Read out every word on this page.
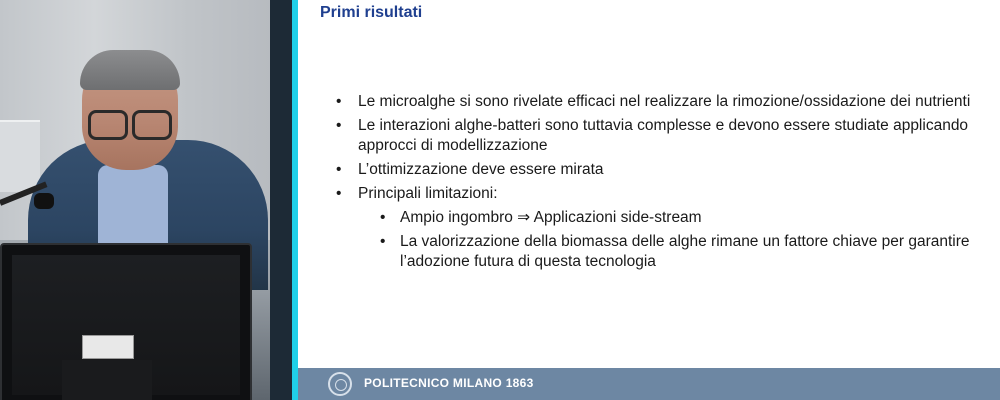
Primi risultati
• Le microalghe si sono rivelate efficaci nel realizzare la rimozione/ossidazione dei nutrienti
• Le interazioni alghe-batteri sono tuttavia complesse e devono essere studiate applicando approcci di modellizzazione
• L’ottimizzazione deve essere mirata
• Principali limitazioni:
• Ampio ingombro ⇒ Applicazioni side-stream
• La valorizzazione della biomassa delle alghe rimane un fattore chiave per garantire l’adozione futura di questa tecnologia
POLITECNICO MILANO 1863
